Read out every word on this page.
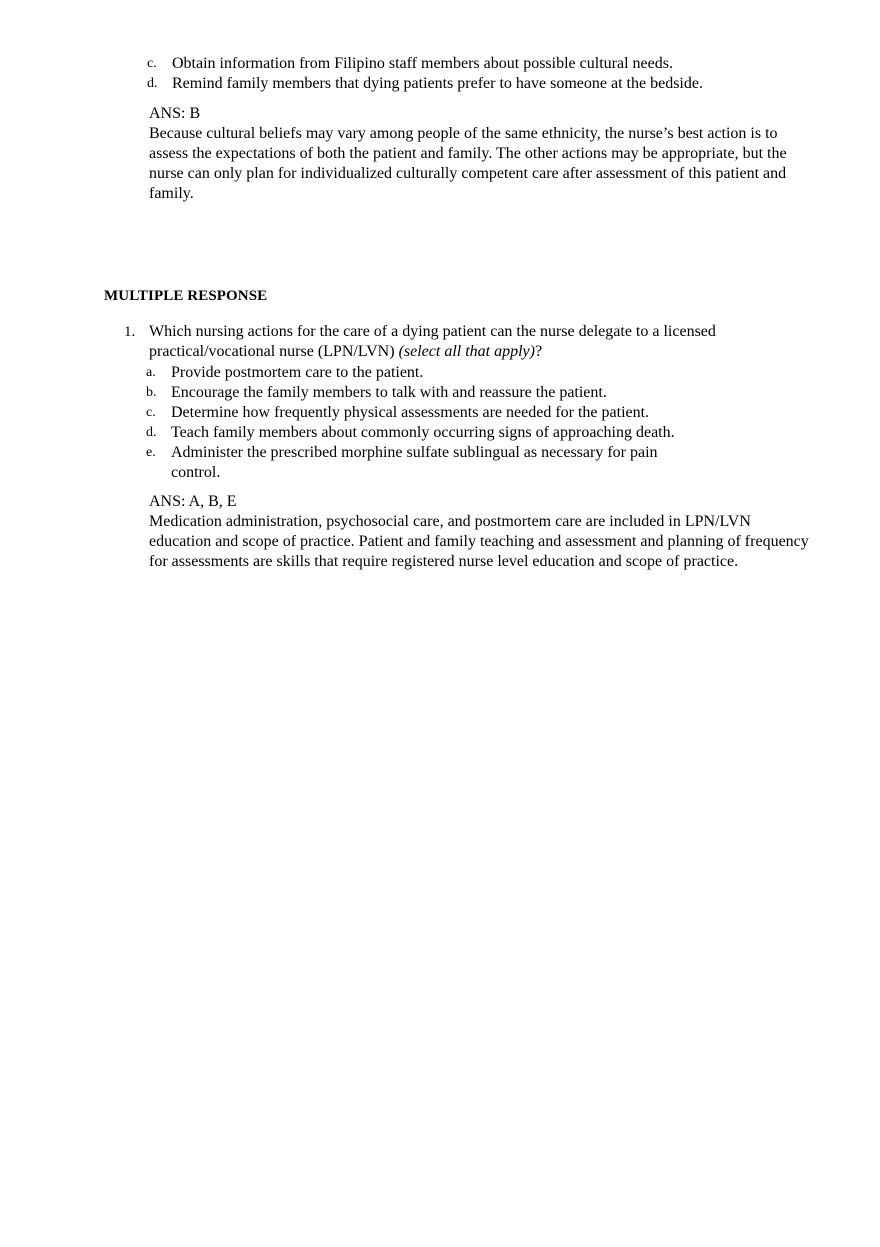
c. Obtain information from Filipino staff members about possible cultural needs.
d. Remind family members that dying patients prefer to have someone at the bedside.
ANS: B
Because cultural beliefs may vary among people of the same ethnicity, the nurse’s best action is to assess the expectations of both the patient and family. The other actions may be appropriate, but the nurse can only plan for individualized culturally competent care after assessment of this patient and family.
MULTIPLE RESPONSE
1. Which nursing actions for the care of a dying patient can the nurse delegate to a licensed practical/vocational nurse (LPN/LVN) (select all that apply)?
a. Provide postmortem care to the patient.
b. Encourage the family members to talk with and reassure the patient.
c. Determine how frequently physical assessments are needed for the patient.
d. Teach family members about commonly occurring signs of approaching death.
e. Administer the prescribed morphine sulfate sublingual as necessary for pain control.
ANS: A, B, E
Medication administration, psychosocial care, and postmortem care are included in LPN/LVN education and scope of practice. Patient and family teaching and assessment and planning of frequency for assessments are skills that require registered nurse level education and scope of practice.
